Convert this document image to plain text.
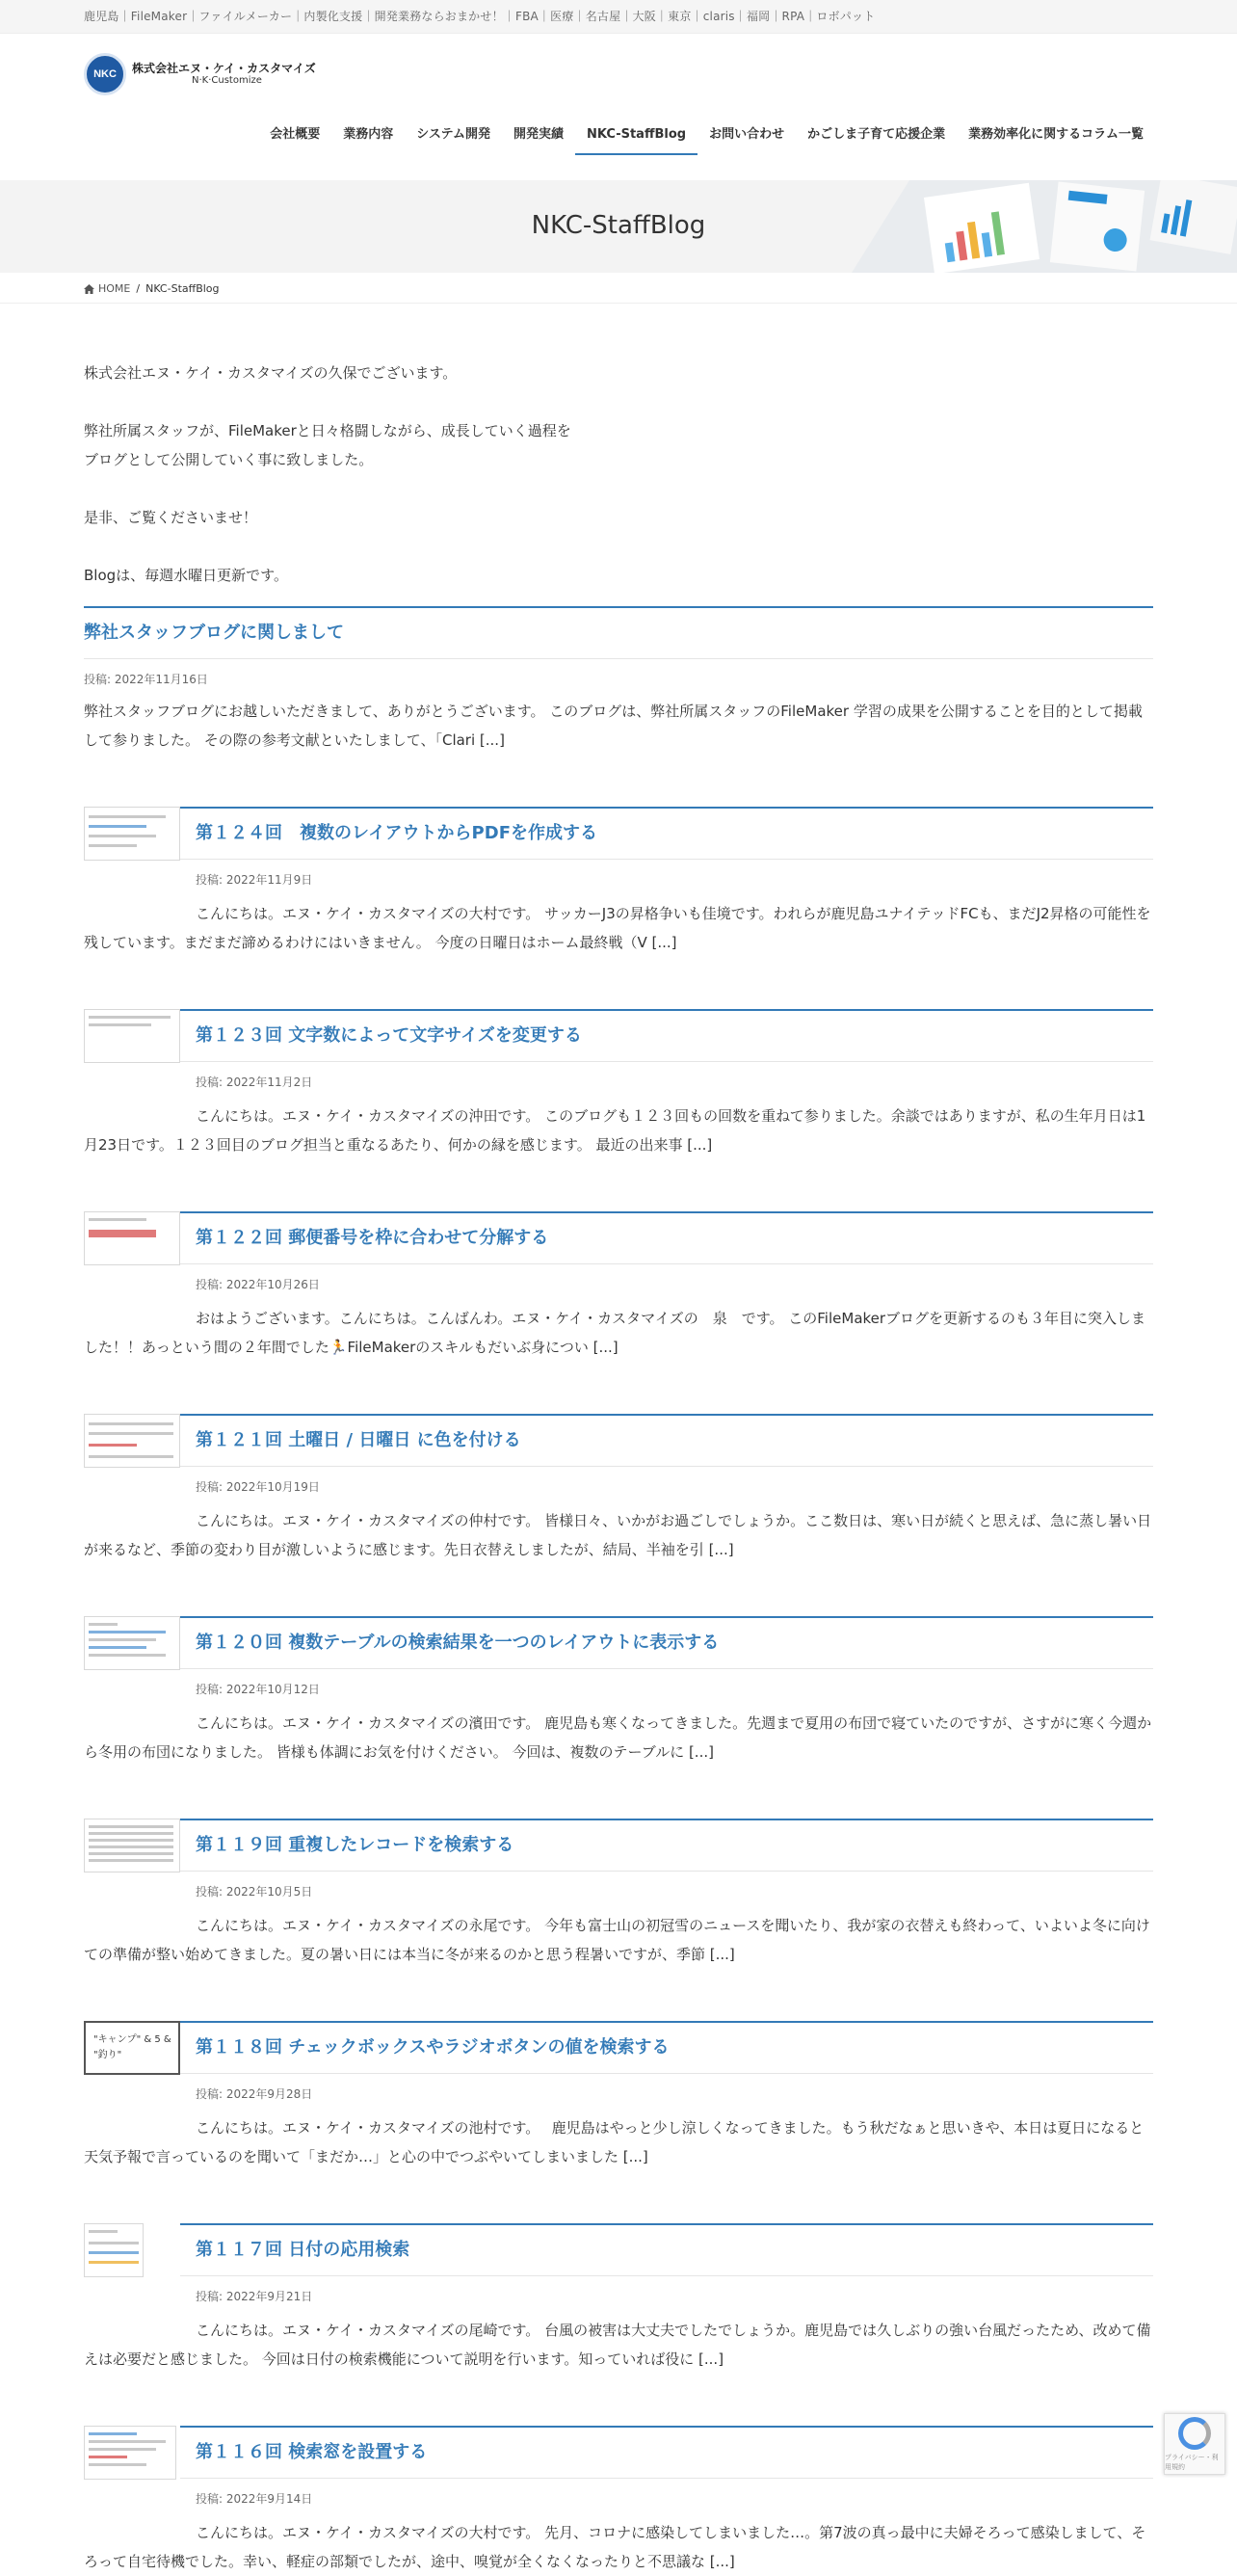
鹿児島｜FileMaker｜ファイルメーカー｜内製化支援｜開発業務ならおまかせ！｜FBA｜医療｜名古屋｜大阪｜東京｜claris｜福岡｜RPA｜ロボパット
NKC	株式会社エヌ・ケイ・カスタマイズ
N·K·Customize
会社概要	業務内容	システム開発	開発実績	NKC-StaffBlog	お問い合わせ	かごしま子育て応援企業	業務効率化に関するコラム一覧
NKC-StaffBlog
HOME / NKC-StaffBlog

株式会社エヌ・ケイ・カスタマイズの久保でございます。

弊社所属スタッフが、FileMakerと日々格闘しながら、成長していく過程を

ブログとして公開していく事に致しました。

是非、ご覧くださいませ！

Blogは、毎週水曜日更新です。

弊社スタッフブログに関しまして
投稿: 2022年11月16日
弊社スタッフブログにお越しいただきまして、ありがとうございます。 このブログは、弊社所属スタッフのFileMaker 学習の成果を公開することを目的として掲載して参りました。 その際の参考文献といたしまして、「Clari [...]
第１２４回　複数のレイアウトからPDFを作成する
投稿: 2022年11月9日
こんにちは。エヌ・ケイ・カスタマイズの大村です。 サッカーJ3の昇格争いも佳境です。われらが鹿児島ユナイテッドFCも、まだJ2昇格の可能性を残しています。まだまだ諦めるわけにはいきません。 今度の日曜日はホーム最終戦（V [...]
第１２３回 文字数によって文字サイズを変更する
投稿: 2022年11月2日
こんにちは。エヌ・ケイ・カスタマイズの沖田です。 このブログも１２３回もの回数を重ねて参りました。余談ではありますが、私の生年月日は1月23日です。１２３回目のブログ担当と重なるあたり、何かの縁を感じます。 最近の出来事 [...]
第１２２回 郵便番号を枠に合わせて分解する
投稿: 2022年10月26日
おはようございます。こんにちは。こんばんわ。エヌ・ケイ・カスタマイズの　泉　です。 このFileMakerブログを更新するのも３年目に突入しました！！あっという間の２年間でした🏃FileMakerのスキルもだいぶ身につい [...]
第１２１回 土曜日 / 日曜日 に色を付ける
投稿: 2022年10月19日
こんにちは。エヌ・ケイ・カスタマイズの仲村です。 皆様日々、いかがお過ごしでしょうか。ここ数日は、寒い日が続くと思えば、急に蒸し暑い日が来るなど、季節の変わり目が激しいように感じます。先日衣替えしましたが、結局、半袖を引 [...]
第１２０回 複数テーブルの検索結果を一つのレイアウトに表示する
投稿: 2022年10月12日
こんにちは。エヌ・ケイ・カスタマイズの濱田です。 鹿児島も寒くなってきました。先週まで夏用の布団で寝ていたのですが、さすがに寒く今週から冬用の布団になりました。 皆様も体調にお気を付けください。 今回は、複数のテーブルに [...]
第１１９回 重複したレコードを検索する
投稿: 2022年10月5日
こんにちは。エヌ・ケイ・カスタマイズの永尾です。 今年も富士山の初冠雪のニュースを聞いたり、我が家の衣替えも終わって、いよいよ冬に向けての準備が整い始めてきました。夏の暑い日には本当に冬が来るのかと思う程暑いですが、季節 [...]
"キャンプ" & 5 &
"釣り"	第１１８回 チェックボックスやラジオボタンの値を検索する
投稿: 2022年9月28日
こんにちは。エヌ・ケイ・カスタマイズの池村です。　 鹿児島はやっと少し涼しくなってきました。もう秋だなぁと思いきや、本日は夏日になると天気予報で言っているのを聞いて「まだか…」と心の中でつぶやいてしまいました [...]
第１１７回 日付の応用検索
投稿: 2022年9月21日
こんにちは。エヌ・ケイ・カスタマイズの尾崎です。 台風の被害は大丈夫でしたでしょうか。鹿児島では久しぶりの強い台風だったため、改めて備えは必要だと感じました。 今回は日付の検索機能について説明を行います。知っていれば役に [...]
第１１６回 検索窓を設置する
投稿: 2022年9月14日
こんにちは。エヌ・ケイ・カスタマイズの大村です。 先月、コロナに感染してしまいました…。第7波の真っ最中に夫婦そろって感染しまして、そろって自宅待機でした。幸い、軽症の部類でしたが、途中、嗅覚が全くなくなったりと不思議な [...]
プライバシー・利用規約
